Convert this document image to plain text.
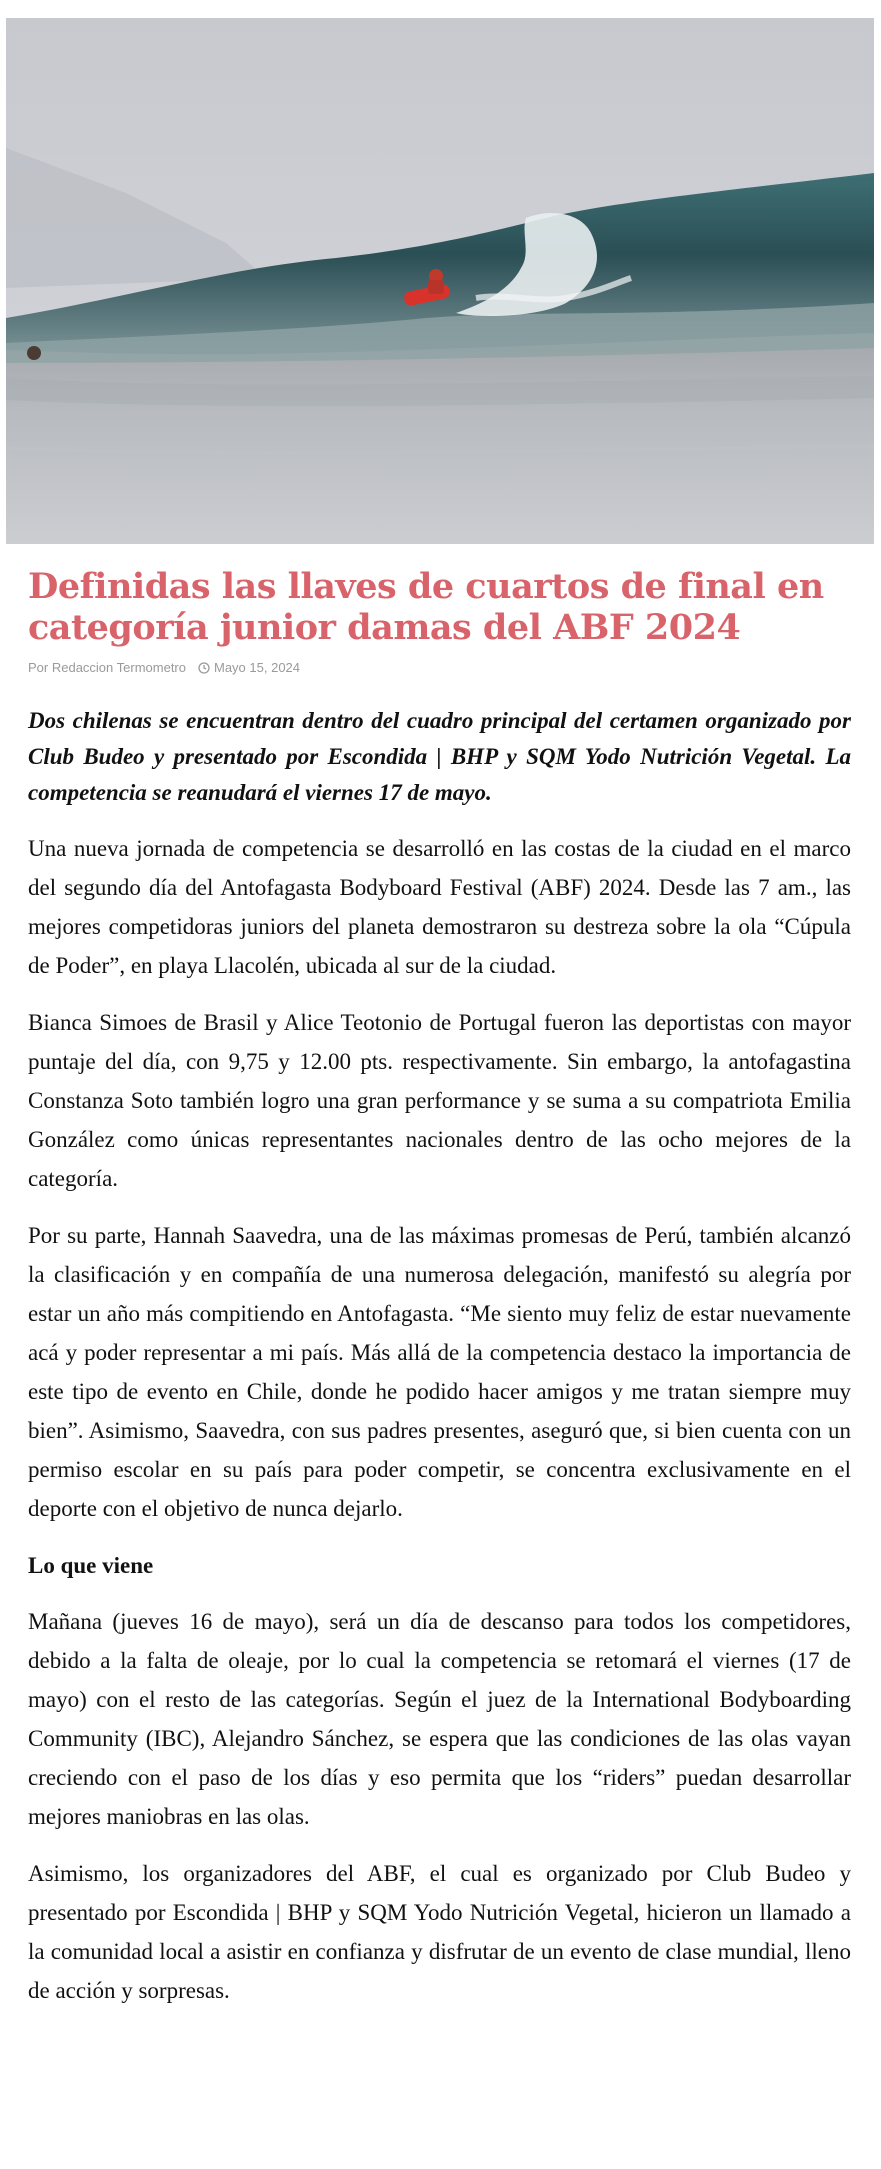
Definidas las llaves de cuartos de final en categoría junior damas del ABF 2024
Por Redaccion Termometro Mayo 15, 2024

Dos chilenas se encuentran dentro del cuadro principal del certamen organizado por Club Budeo y presentado por Escondida | BHP y SQM Yodo Nutrición Vegetal. La competencia se reanudará el viernes 17 de mayo.

Una nueva jornada de competencia se desarrolló en las costas de la ciudad en el marco del segundo día del Antofagasta Bodyboard Festival (ABF) 2024. Desde las 7 am., las mejores competidoras juniors del planeta demostraron su destreza sobre la ola “Cúpula de Poder”, en playa Llacolén, ubicada al sur de la ciudad.

Bianca Simoes de Brasil y Alice Teotonio de Portugal fueron las deportistas con mayor puntaje del día, con 9,75 y 12.00 pts. respectivamente. Sin embargo, la antofagastina Constanza Soto también logro una gran performance y se suma a su compatriota Emilia González como únicas representantes nacionales dentro de las ocho mejores de la categoría.

Por su parte, Hannah Saavedra, una de las máximas promesas de Perú, también alcanzó la clasificación y en compañía de una numerosa delegación, manifestó su alegría por estar un año más compitiendo en Antofagasta. “Me siento muy feliz de estar nuevamente acá y poder representar a mi país. Más allá de la competencia destaco la importancia de este tipo de evento en Chile, donde he podido hacer amigos y me tratan siempre muy bien”. Asimismo, Saavedra, con sus padres presentes, aseguró que, si bien cuenta con un permiso escolar en su país para poder competir, se concentra exclusivamente en el deporte con el objetivo de nunca dejarlo.

Lo que viene

Mañana (jueves 16 de mayo), será un día de descanso para todos los competidores, debido a la falta de oleaje, por lo cual la competencia se retomará el viernes (17 de mayo) con el resto de las categorías. Según el juez de la International Bodyboarding Community (IBC), Alejandro Sánchez, se espera que las condiciones de las olas vayan creciendo con el paso de los días y eso permita que los “riders” puedan desarrollar mejores maniobras en las olas.

Asimismo, los organizadores del ABF, el cual es organizado por Club Budeo y presentado por Escondida | BHP y SQM Yodo Nutrición Vegetal, hicieron un llamado a la comunidad local a asistir en confianza y disfrutar de un evento de clase mundial, lleno de acción y sorpresas.
